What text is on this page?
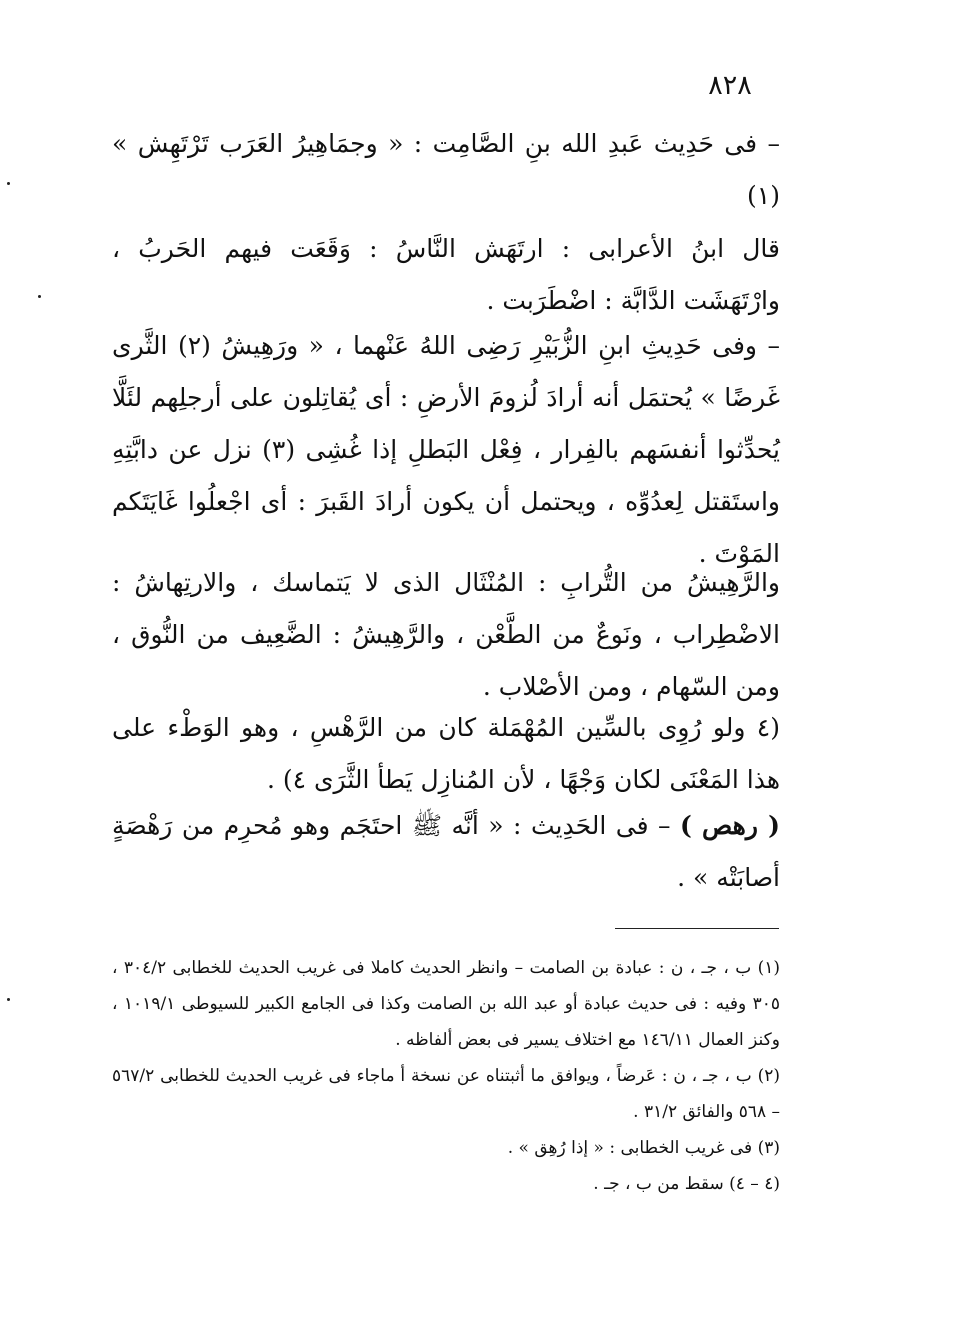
٨٢٨

– فى حَدِيث عَبدِ الله بنِ الصَّامِت : « وجمَاهِيرُ العَرَب تَرْتَهِش » (١)

قال ابنُ الأعرابى : ارتَهَش النَّاسُ : وَقَعَت فيهم الحَربُ ، وارْتَهَشَت الدَّابَّة : اضْطَرَبت .

– وفى حَدِيثِ ابنِ الزُّبَيْرِ رَضِى اللهُ عَنْهما ، « ورَهِيشُ (٢) الثَّرى غَرضًا » يُحتمَل أنه أرادَ لُزومَ الأرضِ : أى يُقاتِلون على أرجلِهم لئَلَّا يُحدِّثوا أنفسَهم بالفِرار ، فِعْل البَطلِ إذا غُشِى (٣) نزل عن دابَّتِهِ واستَقتل لِعدُوِّه ، ويحتمل أن يكون أرادَ القَبرَ : أى اجْعلُوا غَايَتَكم المَوْتَ .

والرَّهِيشُ من التُّرابِ : المُنْثَال الذى لا يَتماسك ، والارتِهاشُ : الاضْطِراب ، ونَوعٌ من الطَّعْن ، والرَّهِيشُ : الضَّعِيف من النُّوق ، ومن السّهام ، ومن الأصْلاب .

(٤ ولو رُوِى بالسِّين المُهْمَلة كان من الرَّهْسِ ، وهو الوَطْء على هذا المَعْنَى لكان وَجْهًا ، لأن المُنازِل يَطأ الثَّرَى ٤) .

( رهص ) – فى الحَدِيث : « أنَّه ﷺ احتَجَم وهو مُحرِم من رَهْصَةٍ أصابَتْه » .

(١) ب ، جـ ، ن : عبادة بن الصامت – وانظر الحديث كاملا فى غريب الحديث للخطابى ٣٠٤/٢ ، ٣٠٥ وفيه : فى حديث عبادة أو عبد الله بن الصامت وكذا فى الجامع الكبير للسيوطى ١٠١٩/١ ، وكنز العمال ١٤٦/١١ مع اختلاف يسير فى بعض ألفاظه .

(٢) ب ، جـ ، ن : عَرضاً ، ويوافق ما أثبتناه عن نسخة أ ماجاء فى غريب الحديث للخطابى ٥٦٧/٢ – ٥٦٨ والفائق ٣١/٢ .

(٣) فى غريب الخطابى : « إذا رُهِق » .

(٤ – ٤) سقط من ب ، جـ .
